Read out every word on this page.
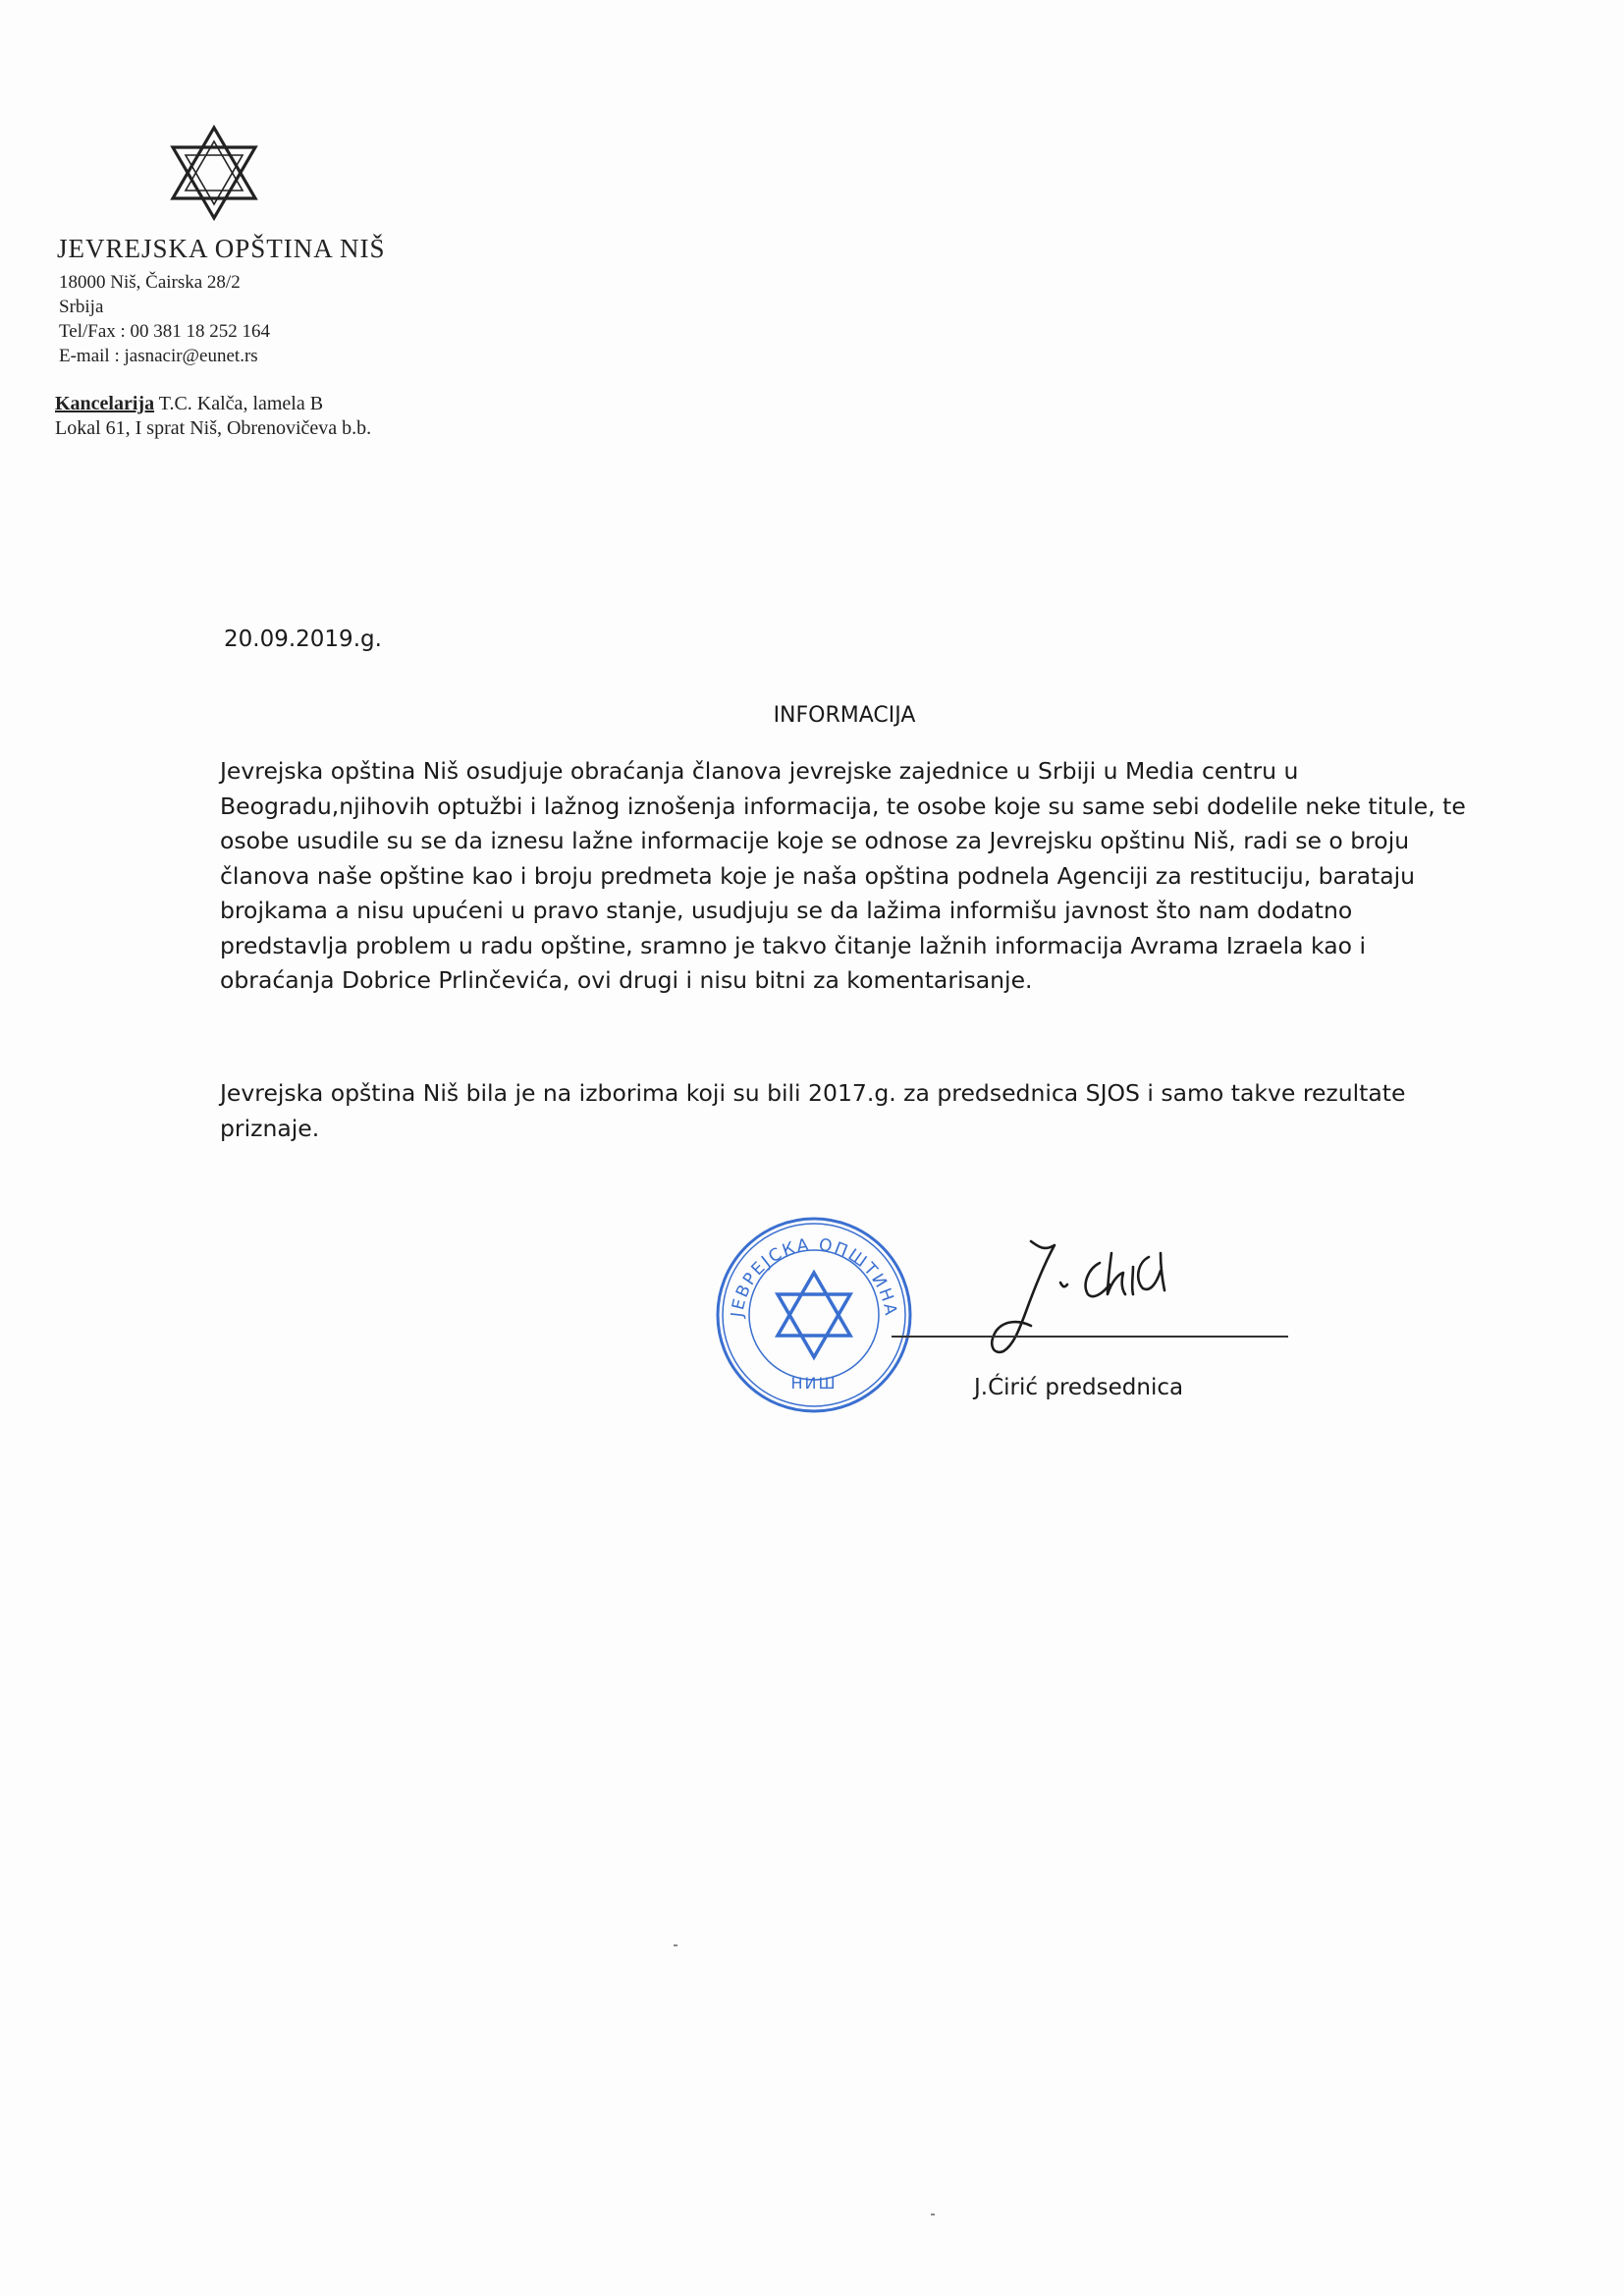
JEVREJSKA OPŠTINA NIŠ
18000 Niš, Čairska 28/2
Srbija
Tel/Fax : 00 381 18 252 164
E-mail : jasnacir@eunet.rs
Kancelarija T.C. Kalča, lamela B
Lokal 61, I sprat Niš, Obrenovičeva b.b.
20.09.2019.g.
INFORMACIJA

Jevrejska opština Niš osudjuje obraćanja članova jevrejske zajednice u Srbiji u Media centru u Beogradu,njihovih optužbi i lažnog iznošenja informacija, te osobe koje su same sebi dodelile neke titule, te osobe usudile su se da iznesu lažne informacije koje se odnose za Jevrejsku opštinu Niš, radi se o broju članova naše opštine kao i broju predmeta koje je naša opština podnela Agenciji za restituciju, barataju brojkama a nisu upućeni u pravo stanje, usudjuju se da lažima informišu javnost što nam dodatno predstavlja problem u radu opštine, sramno je takvo čitanje lažnih informacija Avrama Izraela kao i obraćanja Dobrice Prlinčevića, ovi drugi i nisu bitni za komentarisanje.

Jevrejska opština Niš bila je na izborima koji su bili 2017.g. za predsednica SJOS i samo takve rezultate priznaje.

ЈЕВРЕЈСКА ОПШТИНА
НИШ	J.Ćirić predsednica
